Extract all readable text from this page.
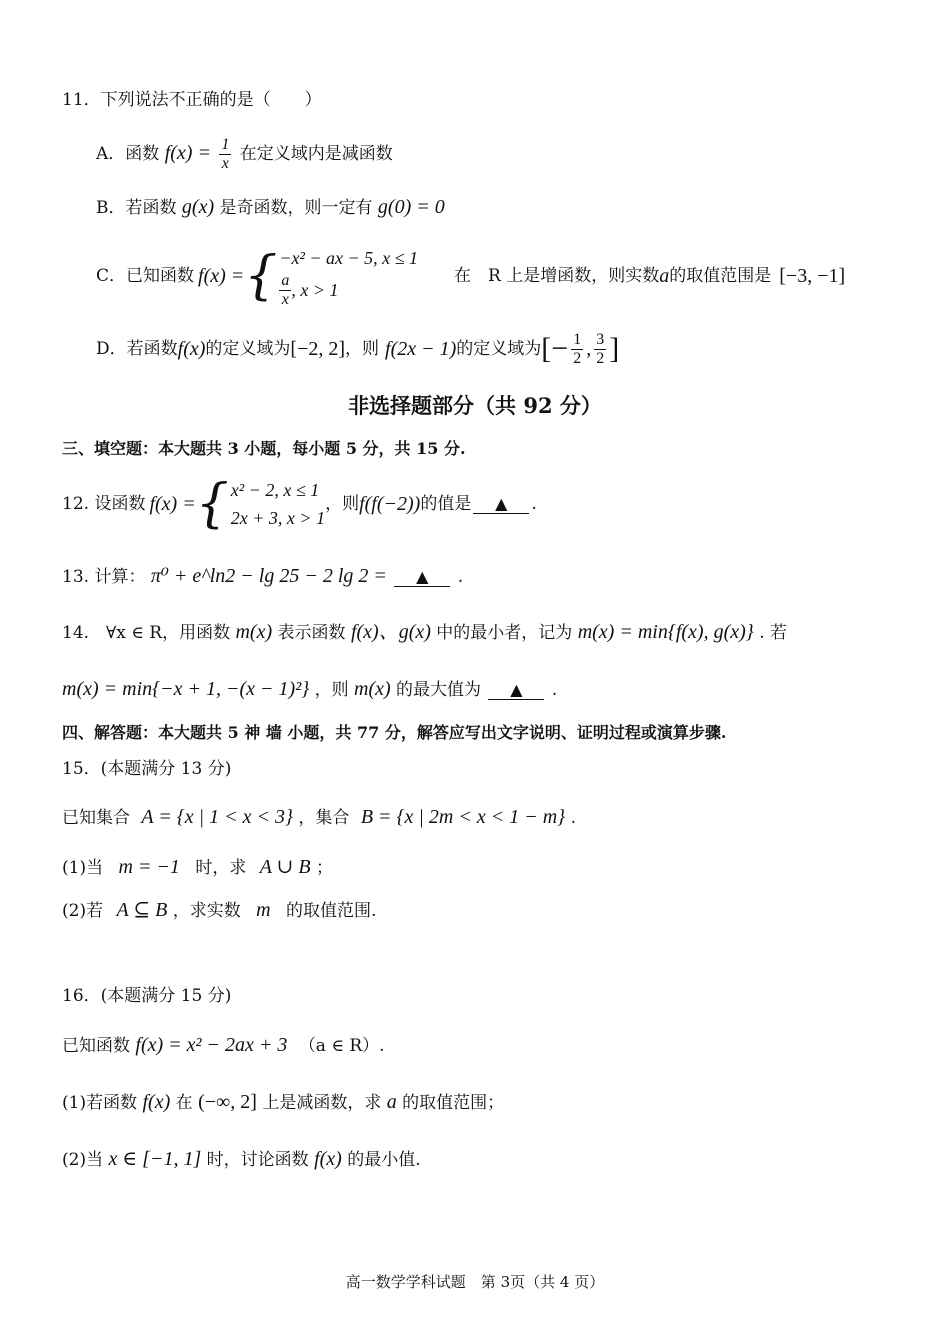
11．下列说法不正确的是（　　）
A．函数 $f(x) = \frac{1}{x}$ 在定义域内是减函数
B．若函数 g(x) 是奇函数，则一定有 g(0) = 0
C．已知函数 f(x) = { −x² − ax − 5, x ≤ 1
$\frac{a}{x}$ , x > 1
在　R 上是增函数，则实数 a 的取值范围是 [−3, −1]
D．若函数 f(x) 的定义域为 [−2, 2] ，则 f(2x − 1) 的定义域为 [− $\frac{1}{2}$ , $\frac{3}{2}$ ]
非选择题部分（共 92 分）
三、填空题：本大题共 3 小题，每小题 5 分，共 15 分.
12. 设函数 f(x) = { x² − 2, x ≤ 1
2x + 3, x > 1
，则 f(f(−2)) 的值是	▲	.
13. 计算： π⁰ + e^ln2 − lg 25 − 2 lg 2 = ▲ .
14.　∀x ∈ R，用函数 m(x) 表示函数 f(x)、g(x) 中的最小者，记为 m(x) = min{f(x), g(x)} . 若
m(x) = min{−x + 1, −(x − 1)²} ，则 m(x) 的最大值为 ▲ .
四、解答题：本大题共 5 神 墙 小题，共 77 分，解答应写出文字说明、证明过程或演算步骤.
15．(本题满分 13 分)
已知集合 A = {x | 1 < x < 3} ，集合 B = {x | 2m < x < 1 − m} .
(1)当 m = −1 时，求 A ∪ B ；
(2)若 A ⊆ B ，求实数 m 的取值范围.
16．(本题满分 15 分)
已知函数 f(x) = x² − 2ax + 3 （a ∈ R）.
(1)若函数 f(x) 在 (−∞, 2] 上是减函数，求 a 的取值范围；
(2)当 x ∈ [−1, 1] 时，讨论函数 f(x) 的最小值.
高一数学学科试题　第 3页（共 4 页）
